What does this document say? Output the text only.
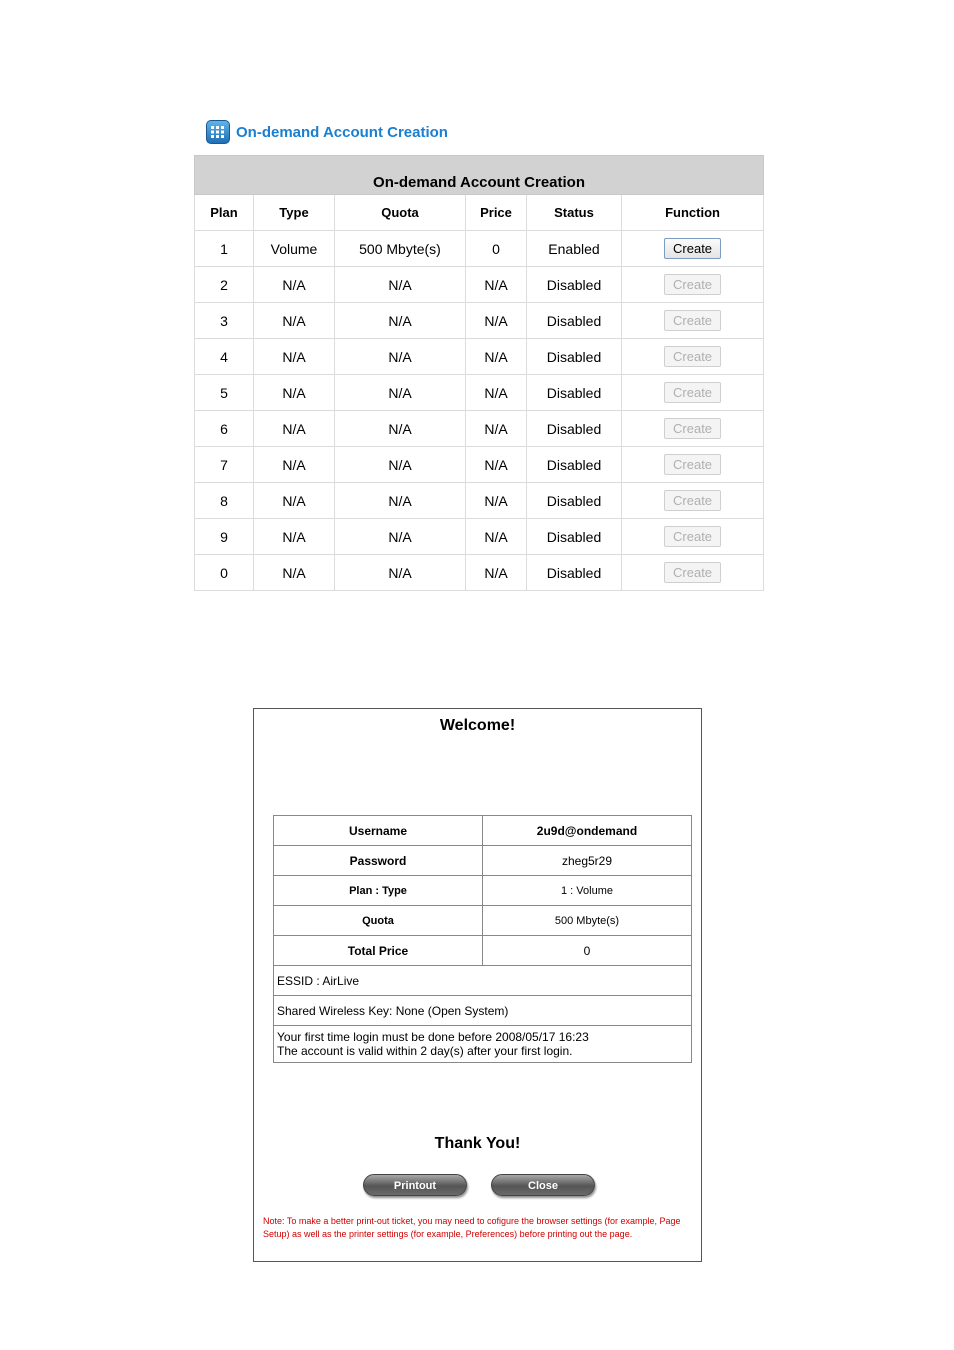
On-demand Account Creation
On-demand Account Creation					
Plan	Type	Quota	Price	Status	Function
1	Volume	500 Mbyte(s)	0	Enabled	Create
2	N/A	N/A	N/A	Disabled	Create
3	N/A	N/A	N/A	Disabled	Create
4	N/A	N/A	N/A	Disabled	Create
5	N/A	N/A	N/A	Disabled	Create
6	N/A	N/A	N/A	Disabled	Create
7	N/A	N/A	N/A	Disabled	Create
8	N/A	N/A	N/A	Disabled	Create
9	N/A	N/A	N/A	Disabled	Create
0	N/A	N/A	N/A	Disabled	Create
Welcome!
Username	2u9d@ondemand
Password	zheg5r29
Plan : Type	1 : Volume
Quota	500 Mbyte(s)
Total Price	0
ESSID : AirLive	
Shared Wireless Key: None (Open System)	

Your first time login must be done before 2008/05/17 16:23
The account is valid within 2 day(s) after your first login.	
Thank You!
Printout	Close
Note: To make a better print-out ticket, you may need to cofigure the browser settings (for example, Page Setup) as well as the printer settings (for example, Preferences) before printing out the page.
